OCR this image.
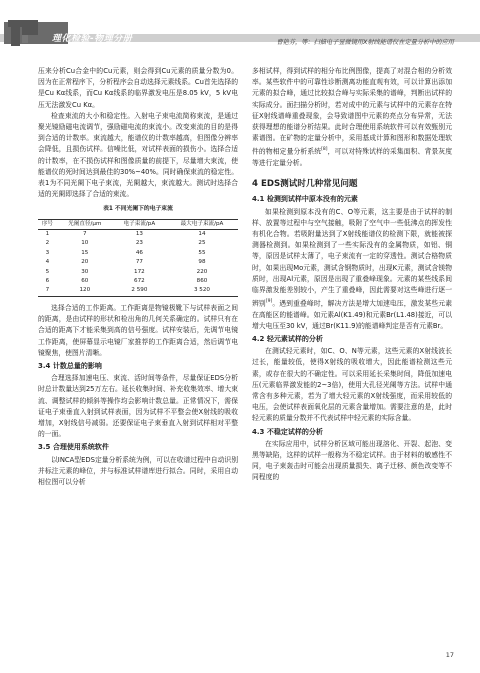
理化检验-物理分册	曹艳芬，等：扫描电子显微镜用X射线能谱仪在定量分析中的应用

压来分析Cu合金中的Cu元素，则会得到Cu元素的质量分数为0。因为在正常程序下，分析程序会自动选择元素线系。Cu首先选择的是Cu Kα线系，而Cu Kα线系的临界激发电压是8.05 kV，5 kV电压无法激发Cu Kα。

检查束流的大小和稳定性。入射电子束电流简称束流，是通过聚光镜励磁电流调节，强励磁电流的束流小。改变束流的目的是得到合适的计数率。束流越大，能谱仪的计数率越高，但图像分辨率会降低，且损伤试样。信噪比低，对试样表面的损伤小。选择合适的计数率，在不损伤试样和图像质量的前提下，尽量增大束流，使能谱仪的死时间达到最佳的30%~40%。同时确保束流的稳定性。表1为不同光阑下电子束流，光阑越大，束流越大。测试时选择合适的光阑即选择了合适的束流。

表1 不同光阑下的电子束流
序号	光阑直径/μm	电子束流/pA	最大电子束流/pA
1	7	13	14
2	10	23	25
3	15	46	55
4	20	77	98
5	30	172	220
6	60	672	860
7	120	2 590	3 520

选择合适的工作距离。工作距离是物镜极靴下与试样表面之间的距离，是由试样的形状和检出角的几何关系确定的。试样只有在合适的距离下才能采集到高的信号强度。试样安装后，先调节电镜工作距离，使屏幕显示电镜厂家推荐的工作距离合适，然后调节电镜聚焦，使图片清晰。

3.4 计数总量的影响

合理选择加速电压、束流、活时间等条件，尽量保证EDS分析时总计数量达到25万左右。延长收集时间、补充收集效率、增大束流、调整试样的倾斜等操作均会影响计数总量。正常情况下，需保证电子束垂直入射到试样表面，因为试样不平整会使X射线的吸收增加，X射线信号减弱。还要保证电子束垂直入射到试样相对平整的一面。

3.5 合理使用系统软件

以INCA型EDS定量分析系统为例，可以在收谱过程中自动识别并标注元素的峰位，并与标准试样谱库进行拟合。同时，采用自动相位图可以分析

多相试样，得到试样的相分布比例图像，提高了对混合相的分析效率。某些软件中的可靠性诊断测离功能直观有效，可以计算出添加元素的拟合峰，通过比较拟合峰与实际采集的谱峰，判断出试样的实际成分。面扫描分析时，若对成中的元素与试样中的元素存在特征X射线谱峰重叠现象，会导致谱图中元素的亮点分布异常，无法获得理想的能谱分析结果。此时合理使用系统软件可以有效甄别元素谱图。在矿物的定量分析中，采用基成计算和图形和数据处理软件的物相定量分析系统[8]，可以对特殊试样的采集面积、背景灰度等进行定量分析。

4 EDS测试时几种常见问题
4.1 检测到试样中原本没有的元素

如果检测到原本没有的C、O等元素，这主要是由于试样的制样、放置等过程中与空气接触，吸附了空气中一些低沸点的挥发性有机化合物。若吸附量达到了X射线能谱仪的检测下限，就能被探测器检测到。如果检测到了一些实际没有的金属物质，如铝、铜等，原因是试样太薄了，电子束流有一定的穿透性。测试合格物质时，如果出现Mo元素，测试含钢物质时，出现K元素，测试含镁物质时，出现Al元素，原因是出现了重叠峰现象。元素的某些线系间临界激发能差别较小，产生了重叠峰，因此需要对这些峰进行逐一辨别[9]。遇到重叠峰时，解决方法是增大加速电压，激发某些元素在高能区的能谱峰。如元素Al(K1.49)和元素Br(L1.48)接近，可以增大电压至30 kV，通过Br(K11.9)的能谱峰判定是否有元素Br。

4.2 轻元素试样的分析

在测试轻元素时，如C、O、N等元素，这些元素的X射线波长过长，能量较低，使得X射线的吸收增大，因此能谱检测这些元素，或存在很大的不确定性。可以采用延长采集时间，降低加速电压(元素临界激发能的2~3倍)，使用大孔径光阑等方法。试样中通常含有多种元素，若为了增大轻元素的X射线强度，而采用较低的电压，会使试样表面氧化层的元素含量增加。需要注意的是，此时轻元素的质量分数并不代表试样中轻元素的实际含量。

4.3 不稳定试样的分析

在实际应用中，试样分析区域可能出现溶化、开裂、起泡、变黑等缺陷，这样的试样一般称为不稳定试样。由于材料的敏感性不同，电子束轰击时可能会出现质量损失、离子迁移、颜色改变等不同程度的

17
